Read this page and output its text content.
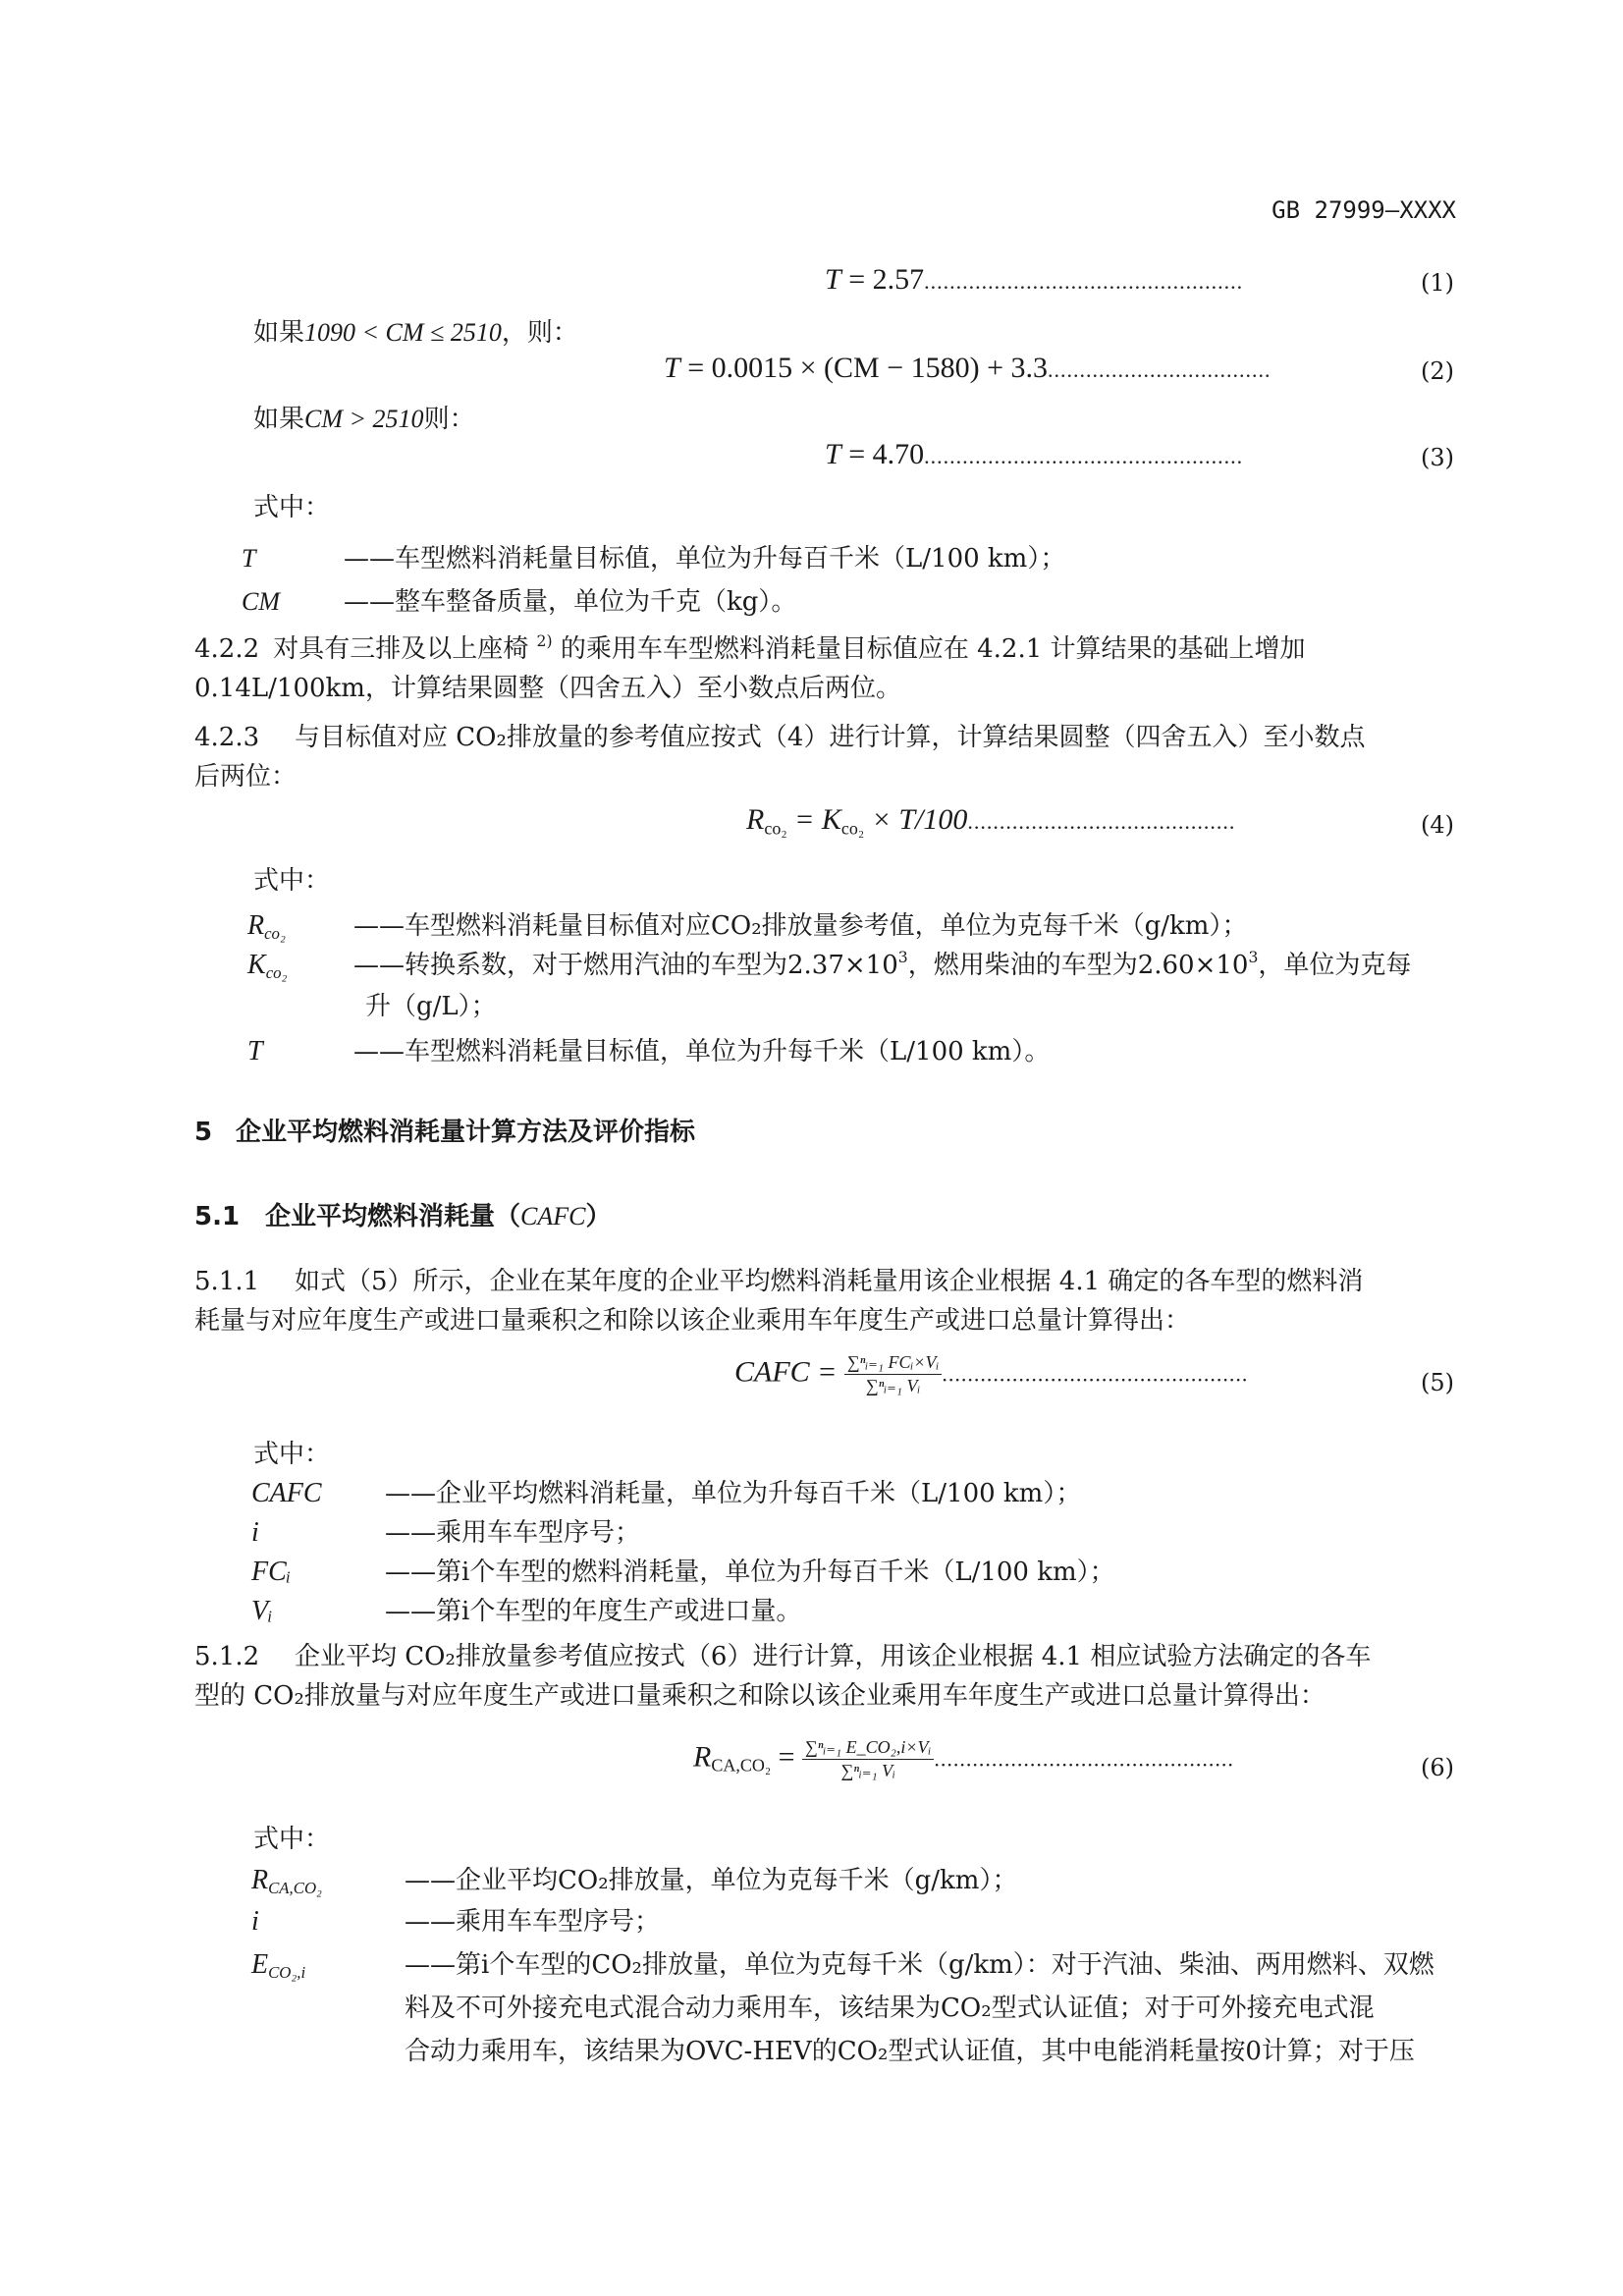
GB 27999—XXXX
T = 2.57..................................................	(1)
如果1090 < CM ≤ 2510，则：
T = 0.0015 × (CM − 1580) + 3.3...................................	(2)
如果CM > 2510则：
T = 4.70..................................................	(3)
式中：
T	——车型燃料消耗量目标值，单位为升每百千米（L/100 km）；
CM	——整车整备质量，单位为千克（kg）。
4.2.2 对具有三排及以上座椅 $^{2)}$ 的乘用车车型燃料消耗量目标值应在 4.2.1 计算结果的基础上增加
0.14L/100km，计算结果圆整（四舍五入）至小数点后两位。
4.2.3 与目标值对应 CO₂排放量的参考值应按式（4）进行计算，计算结果圆整（四舍五入）至小数点
后两位：
$R_{co_2} = K_{co_2} \times T/100$..........................................	(4)
式中：
$R_{co_2}$	——车型燃料消耗量目标值对应CO₂排放量参考值，单位为克每千米（g/km）；
$K_{co_2}$	——转换系数，对于燃用汽油的车型为$2.37\times 10^3$，燃用柴油的车型为$2.60\times 10^3$，单位为克每
升（g/L）；
T	——车型燃料消耗量目标值，单位为升每千米（L/100 km）。
5 企业平均燃料消耗量计算方法及评价指标
5.1 企业平均燃料消耗量（CAFC）
5.1.1 如式（5）所示，企业在某年度的企业平均燃料消耗量用该企业根据 4.1 确定的各车型的燃料消
耗量与对应年度生产或进口量乘积之和除以该企业乘用车年度生产或进口总量计算得出：
CAFC = $\frac{\text{∑ⁿᵢ₌₁ FCᵢ×Vᵢ}}{\text{∑ⁿᵢ₌₁ Vᵢ}}$ ................................................	(5)
式中：
CAFC ——企业平均燃料消耗量，单位为升每百千米（L/100 km）；
i	——乘用车车型序号；
FCᵢ	——第i个车型的燃料消耗量，单位为升每百千米（L/100 km）；
Vᵢ	——第i个车型的年度生产或进口量。
5.1.2 企业平均 CO₂排放量参考值应按式（6）进行计算，用该企业根据 4.1 相应试验方法确定的各车
型的 CO₂排放量与对应年度生产或进口量乘积之和除以该企业乘用车年度生产或进口总量计算得出：
$R_{CA,CO_2} = \frac{\text{∑ⁿᵢ₌₁ E\_CO₂,i×Vᵢ}}{\text{∑ⁿᵢ₌₁ Vᵢ}}$ ...............................................	(6)
式中：
$R_{CA,CO_2}$	——企业平均CO₂排放量，单位为克每千米（g/km）；
i	——乘用车车型序号；
$E_{CO_2,i}$	——第i个车型的CO₂排放量，单位为克每千米（g/km）：对于汽油、柴油、两用燃料、双燃
料及不可外接充电式混合动力乘用车，该结果为CO₂型式认证值；对于可外接充电式混
合动力乘用车，该结果为OVC-HEV的CO₂型式认证值，其中电能消耗量按0计算；对于压
